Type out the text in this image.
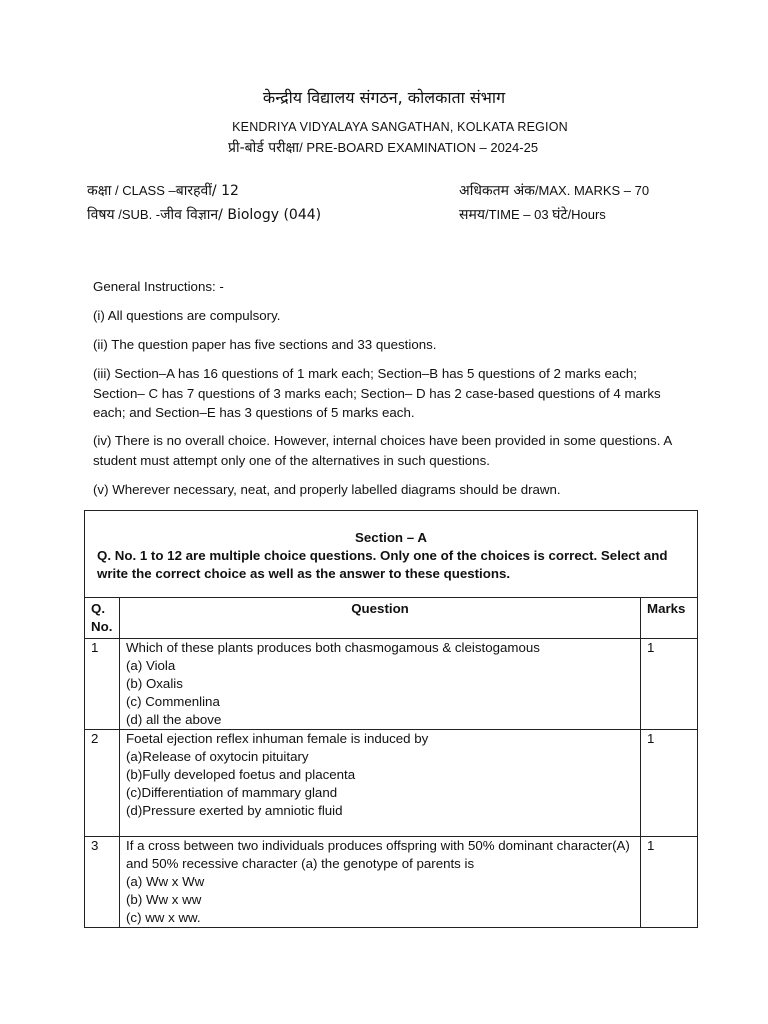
केन्द्रीय विद्यालय संगठन, कोलकाता संभाग
KENDRIYA VIDYALAYA SANGATHAN, KOLKATA REGION
प्री-बोर्ड परीक्षा/ PRE-BOARD EXAMINATION – 2024-25
कक्षा / CLASS –बारहवीं/ 12
विषय /SUB. -जीव विज्ञान/ Biology (044)
अधिकतम अंक/MAX. MARKS – 70
समय/TIME – 03 घंटे/Hours
General Instructions: -
(i) All questions are compulsory.
(ii) The question paper has five sections and 33 questions.
(iii) Section–A has 16 questions of 1 mark each; Section–B has 5 questions of 2 marks each; Section– C has 7 questions of 3 marks each; Section– D has 2 case-based questions of 4 marks each; and Section–E has 3 questions of 5 marks each.
(iv) There is no overall choice. However, internal choices have been provided in some questions. A student must attempt only one of the alternatives in such questions.
(v) Wherever necessary, neat, and properly labelled diagrams should be drawn.
Section – A
Q. No. 1 to 12 are multiple choice questions. Only one of the choices is correct. Select and write the correct choice as well as the answer to these questions.		
Q. No.	Question	Marks
1	Which of these plants produces both chasmogamous & cleistogamous
(a) Viola
(b) Oxalis
(c) Commenlina
(d) all the above	1
2	Foetal ejection reflex inhuman female is induced by
(a)Release of oxytocin pituitary
(b)Fully developed foetus and placenta
(c)Differentiation of mammary gland
(d)Pressure exerted by amniotic fluid	1
3	If a cross between two individuals produces offspring with 50% dominant character(A) and 50% recessive character (a) the genotype of parents is
(a) Ww x Ww
(b) Ww x ww
(c) ww x ww.	1
